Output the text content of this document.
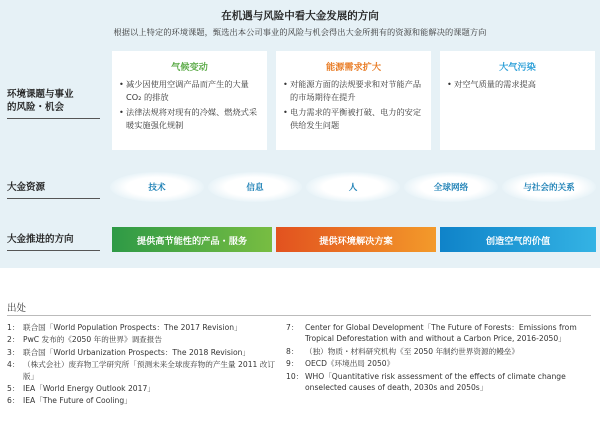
在机遇与风险中看大金发展的方向
根据以上特定的环境课题，甄选出本公司事业的风险与机会得出大金所拥有的资源和能解决的课题方向
环境课题与事业
的风险・机会
大金资源
大金推进的方向
气候变动
• 减少因使用空调产品而产生的大量 CO₂ 的排放
• 法律法规将对现有的冷媒、燃烧式采暖实施强化规制
能源需求扩大
• 对能源方面的法规要求和对节能产品的市场期待在提升
• 电力需求的平衡被打破、电力的安定供给发生问题
大气污染
• 对空气质量的需求提高
技术	信息	人	全球网络	与社会的关系
提供高节能性的产品・服务	提供环境解决方案	创造空气的价值
出处
1： 联合国「World Population Prospects：The 2017 Revision」
2： PwC 发布的《2050 年的世界》调查报告
3： 联合国「World Urbanization Prospects：The 2018 Revision」
4： （株式会社）废弃物工学研究所「预测未来全球废弃物的产生量 2011 改订版」
5： IEA「World Energy Outlook 2017」
6： IEA「The Future of Cooling」
7： Center for Global Development「The Future of Forests：Emissions from Tropical Deforestation with and without a Carbon Price, 2016-2050」
8： （独）物质・材料研究机构《至 2050 年制约世界资源的鳗垒》
9： OECD《环境出局 2050》
10： WHO「Quantitative risk assessment of the effects of climate change onselected causes of death, 2030s and 2050s」
